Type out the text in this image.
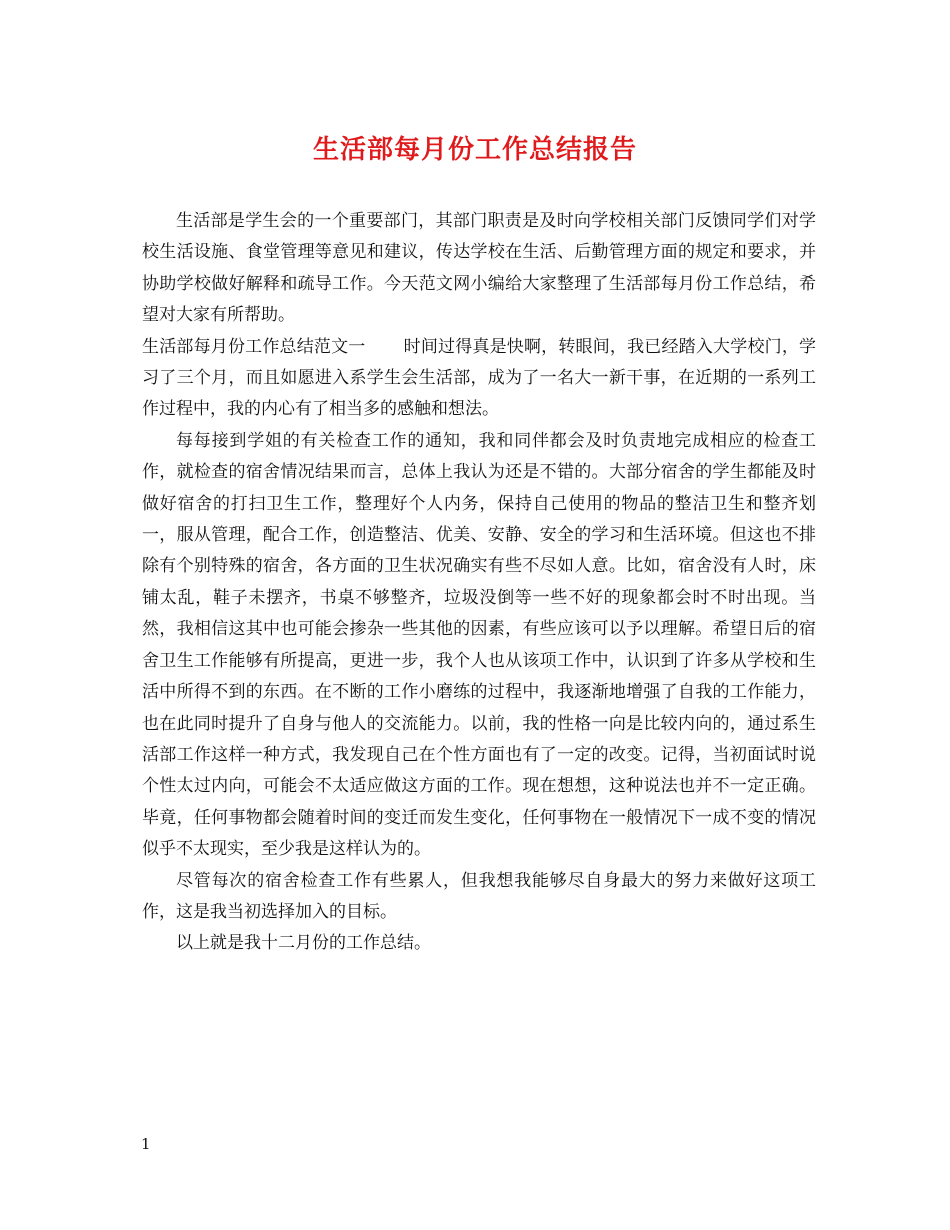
生活部每月份工作总结报告

生活部是学生会的一个重要部门，其部门职责是及时向学校相关部门反馈同学们对学校生活设施、食堂管理等意见和建议，传达学校在生活、后勤管理方面的规定和要求，并协助学校做好解释和疏导工作。今天范文网小编给大家整理了生活部每月份工作总结，希望对大家有所帮助。

生活部每月份工作总结范文一 时间过得真是快啊，转眼间，我已经踏入大学校门，学习了三个月，而且如愿进入系学生会生活部，成为了一名大一新干事，在近期的一系列工作过程中，我的内心有了相当多的感触和想法。

每每接到学姐的有关检查工作的通知，我和同伴都会及时负责地完成相应的检查工作，就检查的宿舍情况结果而言，总体上我认为还是不错的。大部分宿舍的学生都能及时做好宿舍的打扫卫生工作，整理好个人内务，保持自己使用的物品的整洁卫生和整齐划一，服从管理，配合工作，创造整洁、优美、安静、安全的学习和生活环境。但这也不排除有个别特殊的宿舍，各方面的卫生状况确实有些不尽如人意。比如，宿舍没有人时，床铺太乱，鞋子未摆齐，书桌不够整齐，垃圾没倒等一些不好的现象都会时不时出现。当然，我相信这其中也可能会掺杂一些其他的因素，有些应该可以予以理解。希望日后的宿舍卫生工作能够有所提高，更进一步，我个人也从该项工作中，认识到了许多从学校和生活中所得不到的东西。在不断的工作小磨练的过程中，我逐渐地增强了自我的工作能力，也在此同时提升了自身与他人的交流能力。以前，我的性格一向是比较内向的，通过系生活部工作这样一种方式，我发现自己在个性方面也有了一定的改变。记得，当初面试时说个性太过内向，可能会不太适应做这方面的工作。现在想想，这种说法也并不一定正确。毕竟，任何事物都会随着时间的变迁而发生变化，任何事物在一般情况下一成不变的情况似乎不太现实，至少我是这样认为的。

尽管每次的宿舍检查工作有些累人，但我想我能够尽自身最大的努力来做好这项工作，这是我当初选择加入的目标。

以上就是我十二月份的工作总结。

1
